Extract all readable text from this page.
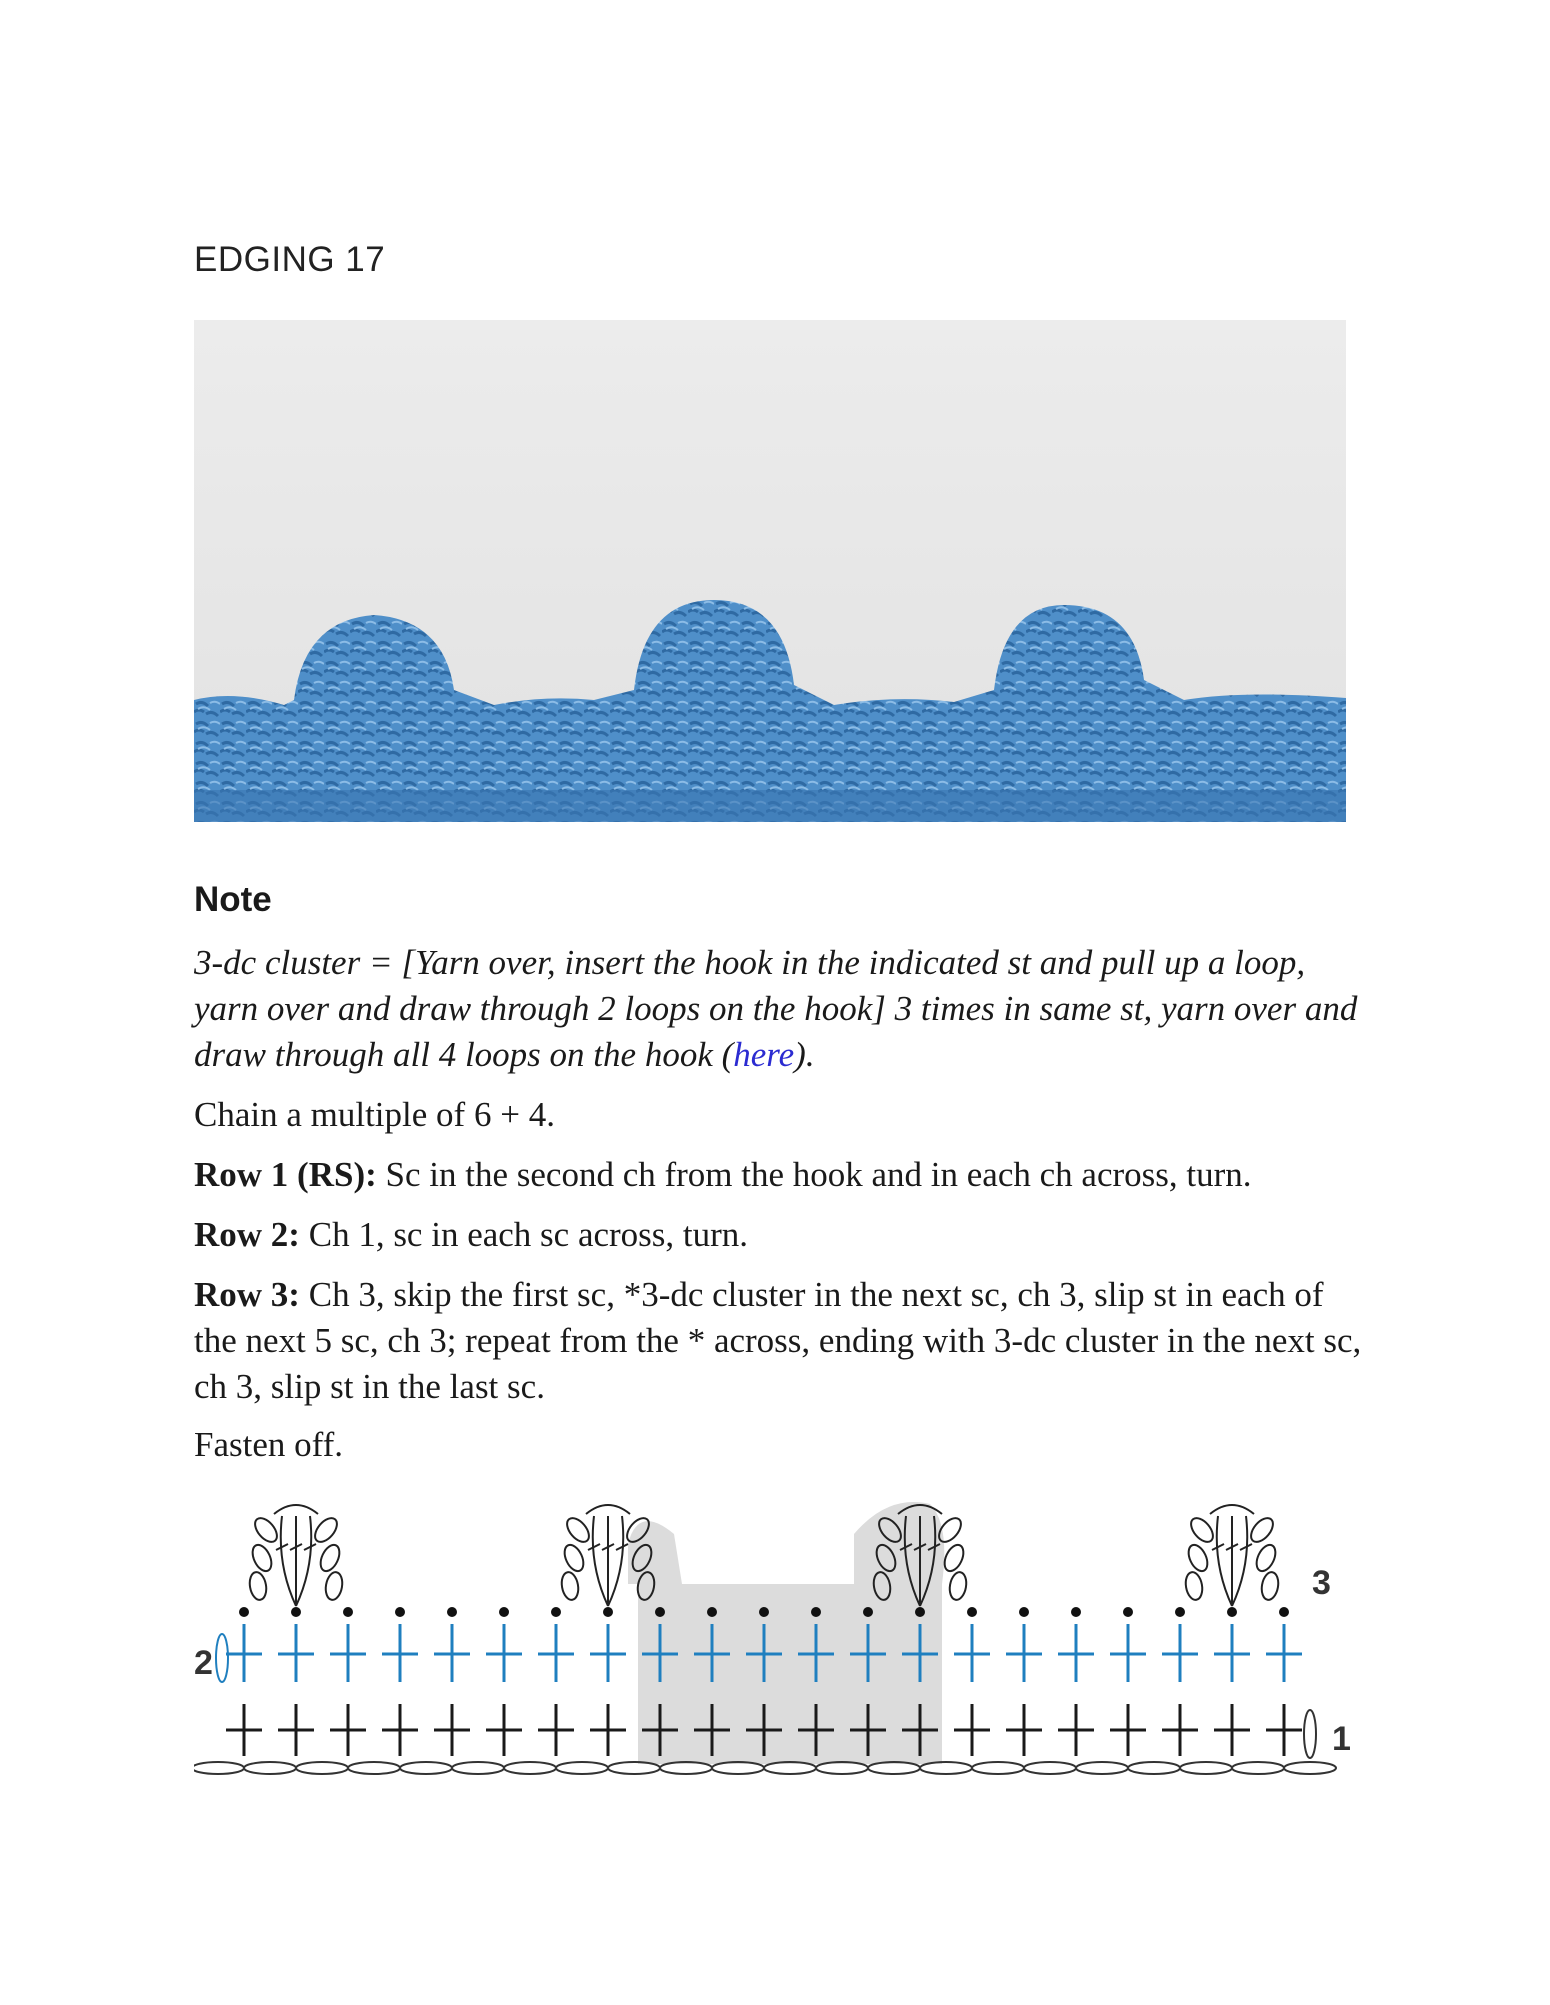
EDGING 17
Note
3-dc cluster = [Yarn over, insert the hook in the indicated st and pull up a loop, yarn over and draw through 2 loops on the hook] 3 times in same st, yarn over and draw through all 4 loops on the hook (here).
Chain a multiple of 6 + 4.
Row 1 (RS): Sc in the second ch from the hook and in each ch across, turn.
Row 2: Ch 1, sc in each sc across, turn.
Row 3: Ch 3, skip the first sc, *3-dc cluster in the next sc, ch 3, slip st in each of the next 5 sc, ch 3; repeat from the * across, ending with 3-dc cluster in the next sc, ch 3, slip st in the last sc.
Fasten off.
2
1
3
